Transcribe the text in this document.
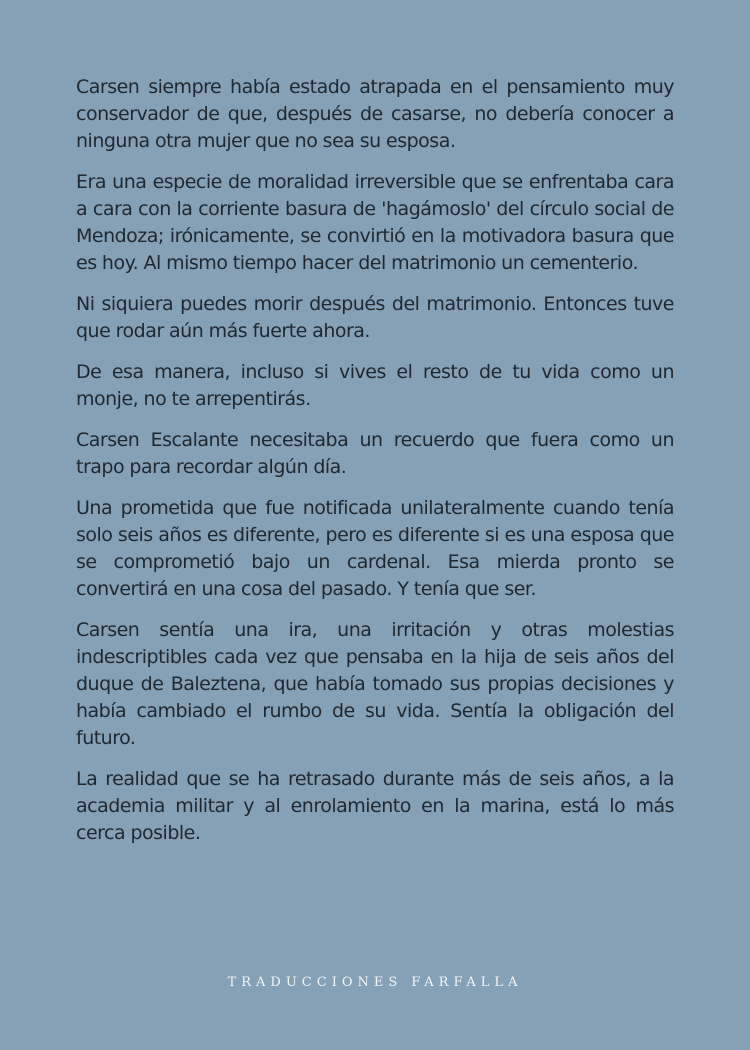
Carsen siempre había estado atrapada en el pensamiento muy conservador de que, después de casarse, no debería conocer a ninguna otra mujer que no sea su esposa.

Era una especie de moralidad irreversible que se enfrentaba cara a cara con la corriente basura de 'hagámoslo' del círculo social de Mendoza; irónicamente, se convirtió en la motivadora basura que es hoy. Al mismo tiempo hacer del matrimonio un cementerio.

Ni siquiera puedes morir después del matrimonio. Entonces tuve que rodar aún más fuerte ahora.

De esa manera, incluso si vives el resto de tu vida como un monje, no te arrepentirás.

Carsen Escalante necesitaba un recuerdo que fuera como un trapo para recordar algún día.

Una prometida que fue notificada unilateralmente cuando tenía solo seis años es diferente, pero es diferente si es una esposa que se comprometió bajo un cardenal. Esa mierda pronto se convertirá en una cosa del pasado. Y tenía que ser.

Carsen sentía una ira, una irritación y otras molestias indescriptibles cada vez que pensaba en la hija de seis años del duque de Baleztena, que había tomado sus propias decisiones y había cambiado el rumbo de su vida. Sentía la obligación del futuro.

La realidad que se ha retrasado durante más de seis años, a la academia militar y al enrolamiento en la marina, está lo más cerca posible.

TRADUCCIONES FARFALLA
